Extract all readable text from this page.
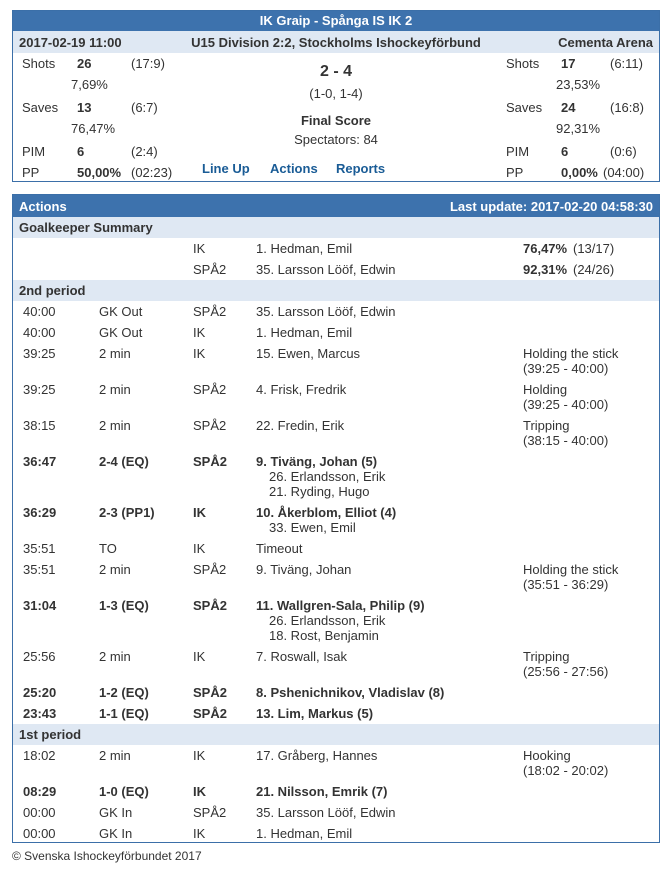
IK Graip - Spånga IS IK 2
2017-02-19 11:00	U15 Division 2:2, Stockholms Ishockeyförbund	Cementa Arena
Shots 26	(17:9)
7,69%
Saves 13	(6:7)
76,47%
PIM 6	(2:4)
PP	50,00% (02:23)
2 - 4
(1-0, 1-4)
Final Score
Spectators: 84
Line Up Actions Reports
Shots 17	(6:11)
23,53%
Saves 24	(16:8)
92,31%
PIM 6	(0:6)
PP	0,00% (04:00)
Actions	Last update: 2017-02-20 04:58:30
Goalkeeper Summary
IK	1. Hedman, Emil	76,47% (13/17)
SPÅ2 35. Larsson Lööf, Edwin	92,31% (24/26)
2nd period
40:00	GK Out	SPÅ2 35. Larsson Lööf, Edwin
40:00	GK Out	IK	1. Hedman, Emil
39:25	2 min	IK	15. Ewen, Marcus	Holding the stick
(39:25 - 40:00)
39:25	2 min	SPÅ2 4. Frisk, Fredrik	Holding
(39:25 - 40:00)
38:15	2 min	SPÅ2 22. Fredin, Erik	Tripping
(38:15 - 40:00)
36:47	2-4 (EQ)	SPÅ2 9. Tiväng, Johan (5)
26. Erlandsson, Erik
21. Ryding, Hugo
36:29	2-3 (PP1)	IK	10. Åkerblom, Elliot (4)
33. Ewen, Emil
35:51	TO	IK	Timeout
35:51	2 min	SPÅ2 9. Tiväng, Johan	Holding the stick
(35:51 - 36:29)
31:04	1-3 (EQ)	SPÅ2 11. Wallgren-Sala, Philip (9)
26. Erlandsson, Erik
18. Rost, Benjamin
25:56	2 min	IK	7. Roswall, Isak	Tripping
(25:56 - 27:56)
25:20	1-2 (EQ)	SPÅ2 8. Pshenichnikov, Vladislav (8)
23:43	1-1 (EQ)	SPÅ2 13. Lim, Markus (5)
1st period
18:02	2 min	IK	17. Gråberg, Hannes	Hooking
(18:02 - 20:02)
08:29	1-0 (EQ)	IK	21. Nilsson, Emrik (7)
00:00	GK In	SPÅ2 35. Larsson Lööf, Edwin
00:00	GK In	IK	1. Hedman, Emil
© Svenska Ishockeyförbundet 2017
